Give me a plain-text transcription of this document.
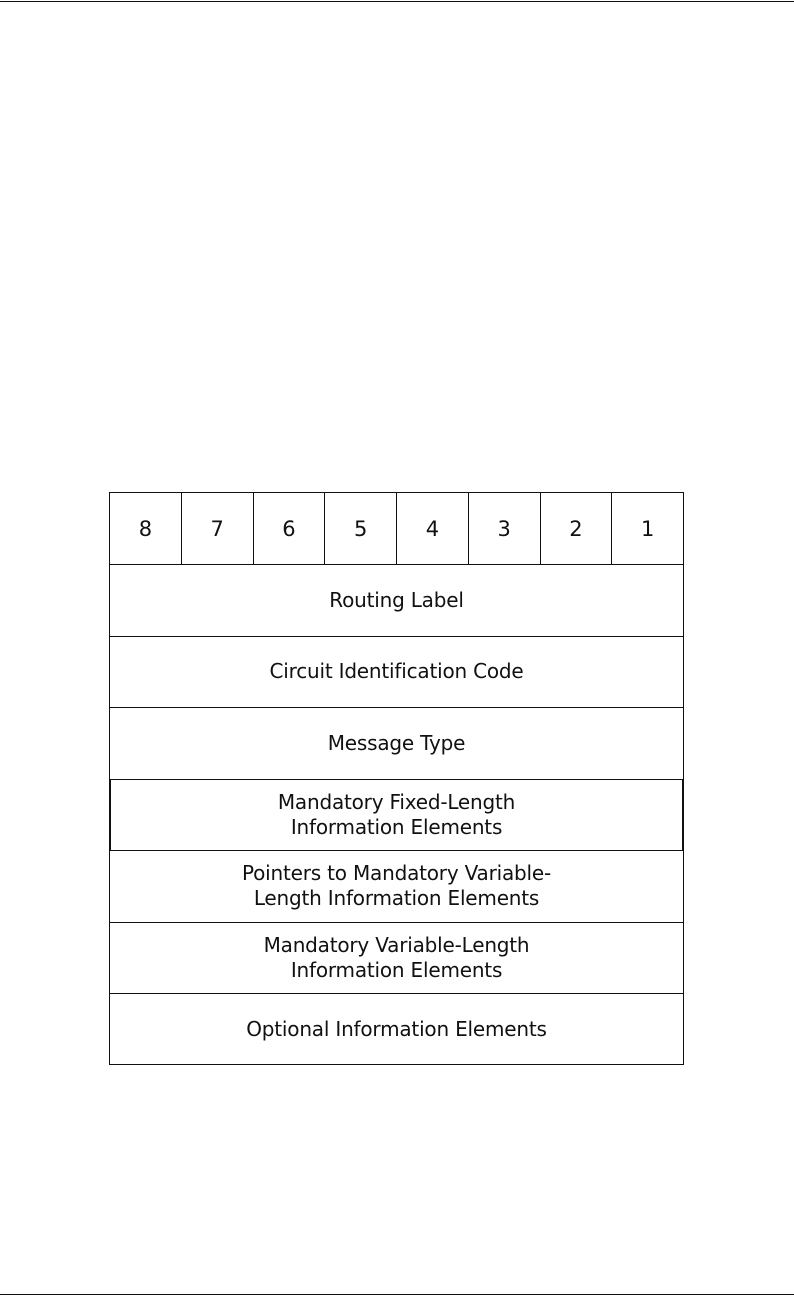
8	7	6	5	4	3	2	1
Routing Label
Circuit Identification Code
Message Type
Mandatory Fixed-Length
Information Elements
Pointers to Mandatory Variable-
Length Information Elements
Mandatory Variable-Length
Information Elements
Optional Information Elements
